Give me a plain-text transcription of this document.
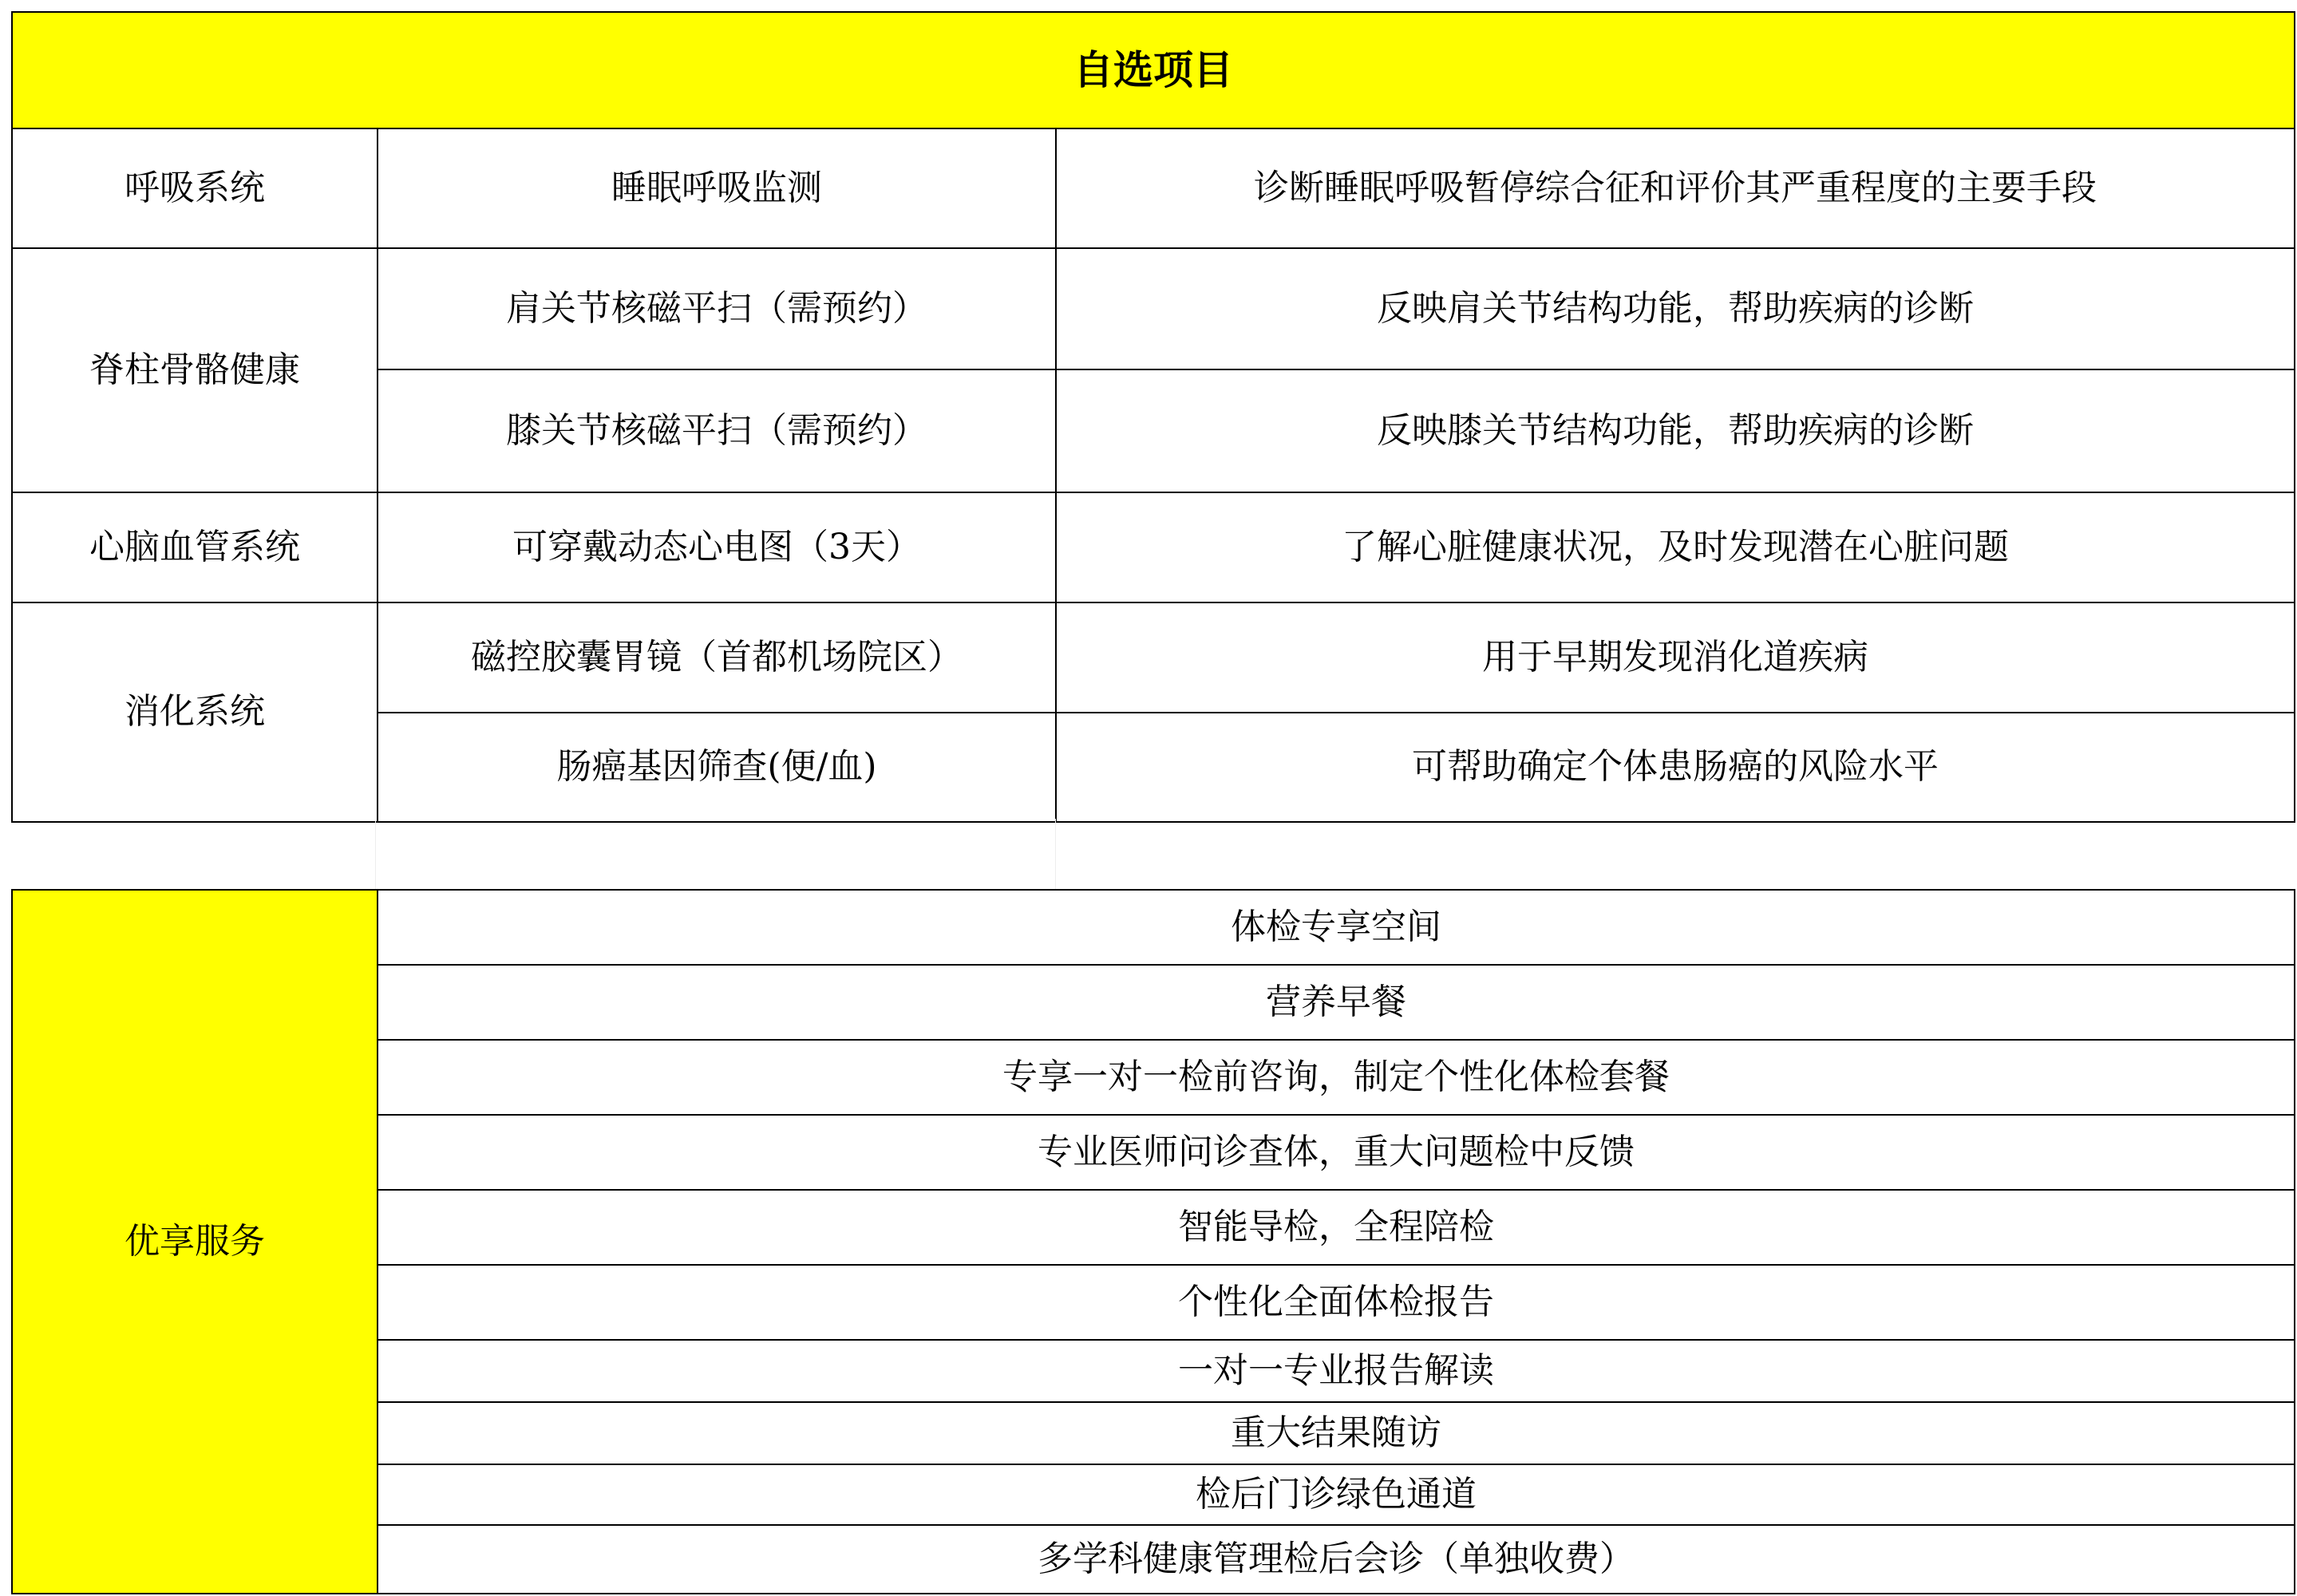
自选项目		
呼吸系统	睡眠呼吸监测	诊断睡眠呼吸暂停综合征和评价其严重程度的主要手段
脊柱骨骼健康	肩关节核磁平扫（需预约）	反映肩关节结构功能，帮助疾病的诊断
	膝关节核磁平扫（需预约）	反映膝关节结构功能，帮助疾病的诊断
心脑血管系统	可穿戴动态心电图（3天）	了解心脏健康状况，及时发现潜在心脏问题
消化系统	磁控胶囊胃镜（首都机场院区）	用于早期发现消化道疾病
	肠癌基因筛查(便/血)	可帮助确定个体患肠癌的风险水平
优享服务	体检专享空间
营养早餐
专享一对一检前咨询，制定个性化体检套餐
专业医师问诊查体，重大问题检中反馈
智能导检，全程陪检
个性化全面体检报告
一对一专业报告解读
重大结果随访
检后门诊绿色通道
多学科健康管理检后会诊（单独收费）
